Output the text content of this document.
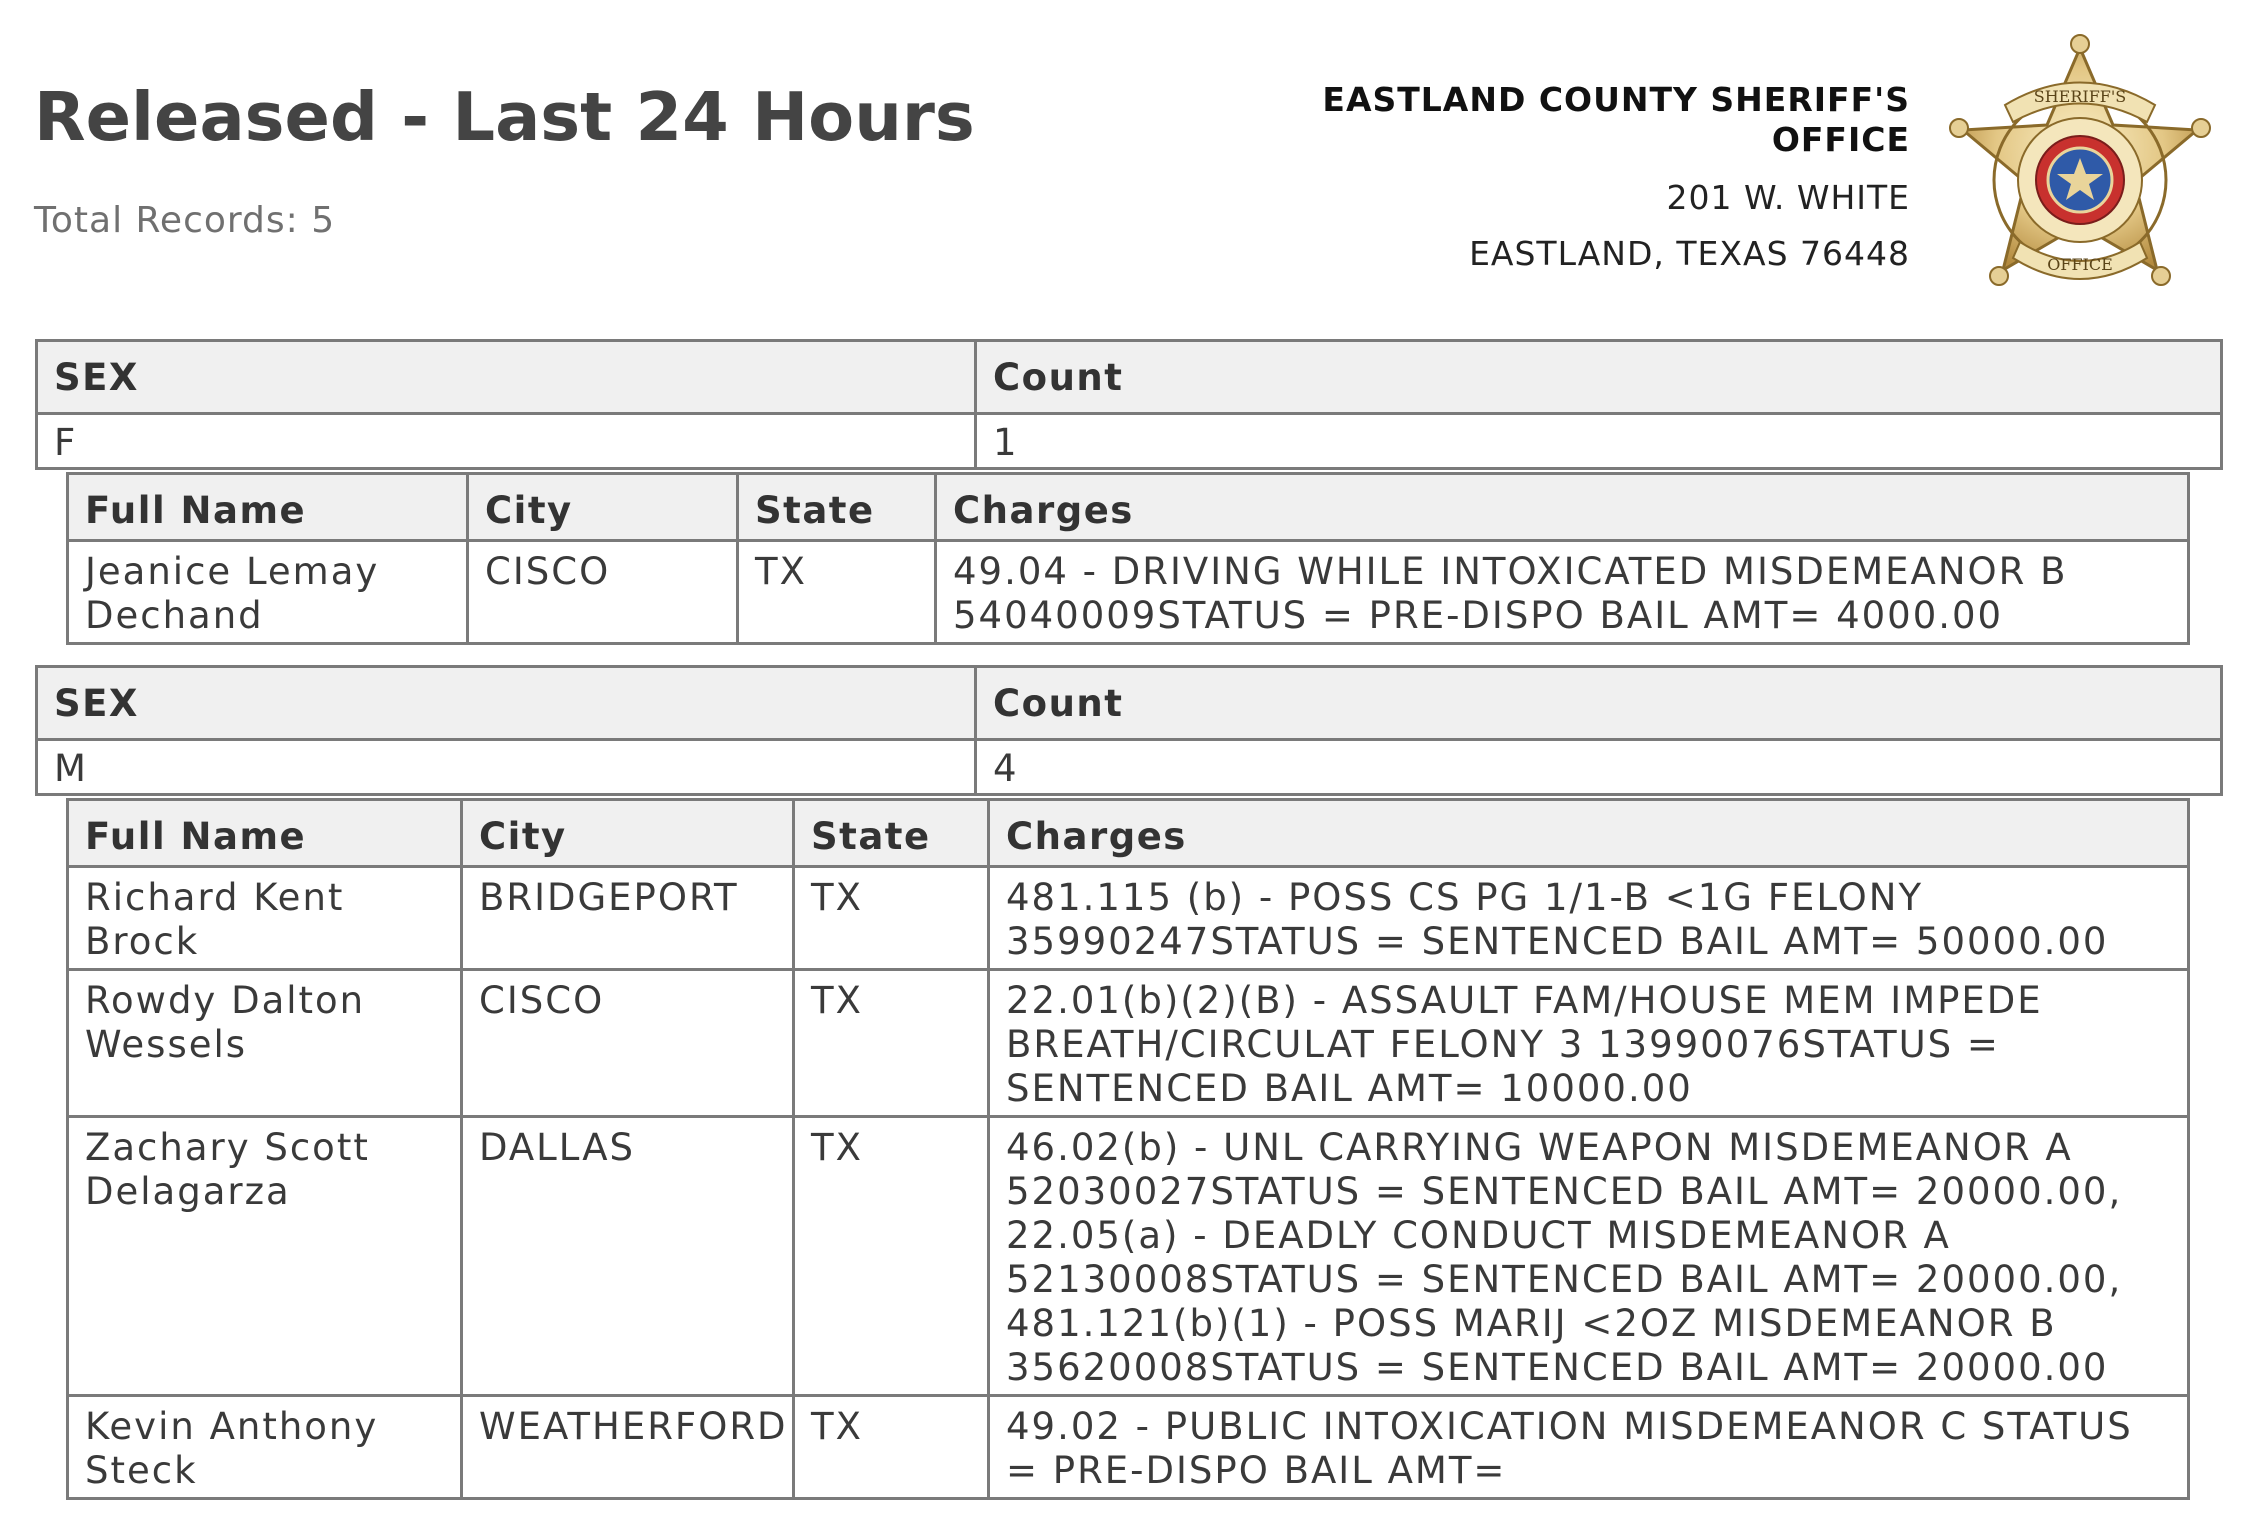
Released - Last 24 Hours
Total Records: 5
EASTLAND COUNTY SHERIFF'S OFFICE
201 W. WHITE
EASTLAND, TEXAS 76448
SHERIFF'S
OFFICE
SEX	Count
F	1
Full Name	City	State	Charges
Jeanice Lemay Dechand	CISCO	TX	49.04 - DRIVING WHILE INTOXICATED MISDEMEANOR B 54040009STATUS = PRE-DISPO BAIL AMT= 4000.00
SEX	Count
M	4
Full Name	City	State	Charges
Richard Kent Brock	BRIDGEPORT	TX	481.115 (b) - POSS CS PG 1/1-B <1G FELONY 35990247STATUS = SENTENCED BAIL AMT= 50000.00
Rowdy Dalton Wessels	CISCO	TX	22.01(b)(2)(B) - ASSAULT FAM/HOUSE MEM IMPEDE BREATH/CIRCULAT FELONY 3 13990076STATUS = SENTENCED BAIL AMT= 10000.00
Zachary Scott Delagarza	DALLAS	TX	46.02(b) - UNL CARRYING WEAPON MISDEMEANOR A 52030027STATUS = SENTENCED BAIL AMT= 20000.00, 22.05(a) - DEADLY CONDUCT MISDEMEANOR A 52130008STATUS = SENTENCED BAIL AMT= 20000.00, 481.121(b)(1) - POSS MARIJ <2OZ MISDEMEANOR B 35620008STATUS = SENTENCED BAIL AMT= 20000.00
Kevin Anthony Steck	WEATHERFORD	TX	49.02 - PUBLIC INTOXICATION MISDEMEANOR C STATUS = PRE-DISPO BAIL AMT=
